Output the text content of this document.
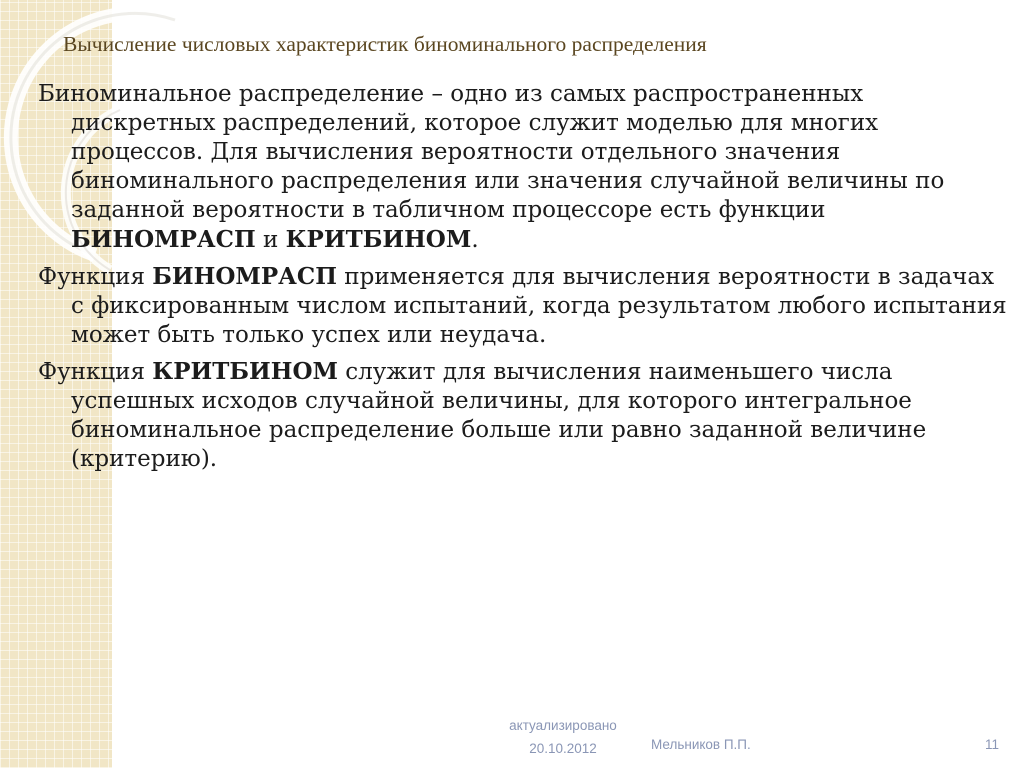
Вычисление числовых характеристик биноминального распределения

Биноминальное распределение – одно из самых распространенных дискретных распределений, которое служит моделью для многих процессов. Для вычисления вероятности отдельного значения биноминального распределения или значения случайной величины по заданной вероятности в табличном процессоре есть функции БИНОМРАСП и КРИТБИНОМ.

Функция БИНОМРАСП применяется для вычисления вероятности в задачах с фиксированным числом испытаний, когда результатом любого испытания может быть только успех или неудача.

Функция КРИТБИНОМ служит для вычисления наименьшего числа успешных исходов случайной величины, для которого интегральное биноминальное распределение больше или равно заданной величине (критерию).

актуализировано
20.10.2012	Мельников П.П.	11
